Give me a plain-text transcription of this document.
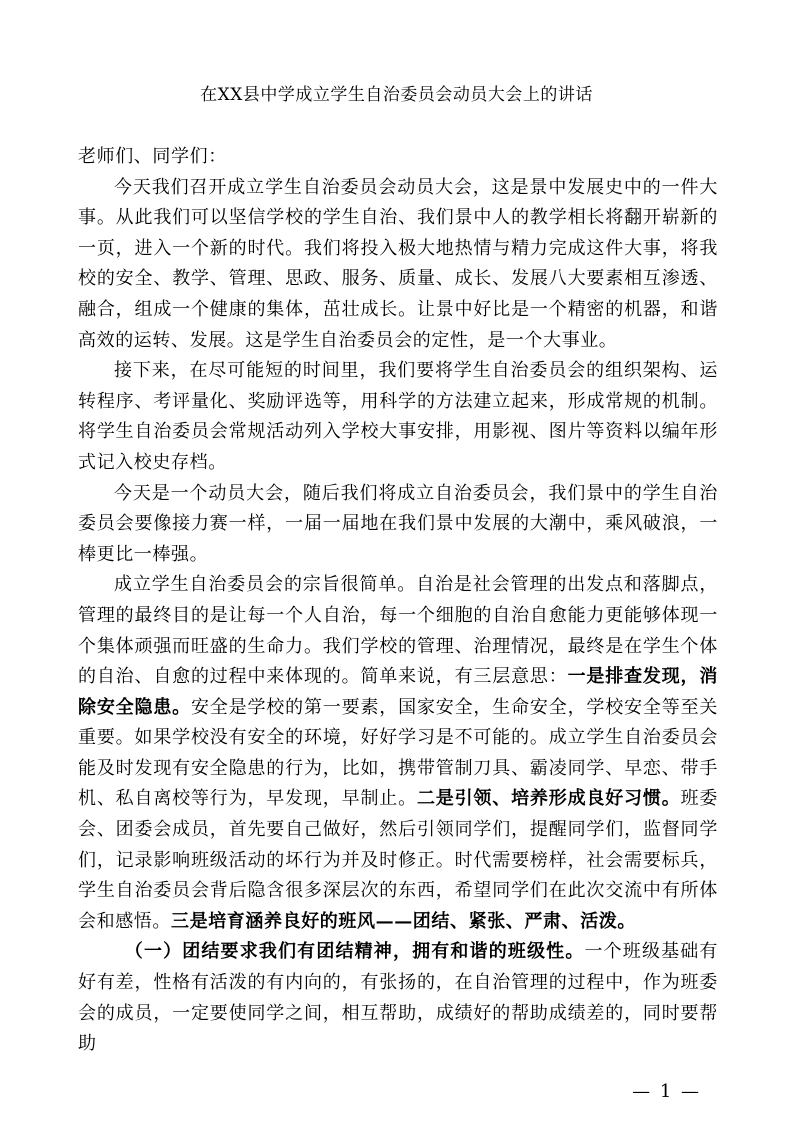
在XX县中学成立学生自治委员会动员大会上的讲话

老师们、同学们：

今天我们召开成立学生自治委员会动员大会，这是景中发展史中的一件大事。从此我们可以坚信学校的学生自治、我们景中人的教学相长将翻开崭新的一页，进入一个新的时代。我们将投入极大地热情与精力完成这件大事，将我校的安全、教学、管理、思政、服务、质量、成长、发展八大要素相互渗透、融合，组成一个健康的集体，茁壮成长。让景中好比是一个精密的机器，和谐高效的运转、发展。这是学生自治委员会的定性，是一个大事业。

接下来，在尽可能短的时间里，我们要将学生自治委员会的组织架构、运转程序、考评量化、奖励评选等，用科学的方法建立起来，形成常规的机制。将学生自治委员会常规活动列入学校大事安排，用影视、图片等资料以编年形式记入校史存档。

今天是一个动员大会，随后我们将成立自治委员会，我们景中的学生自治委员会要像接力赛一样，一届一届地在我们景中发展的大潮中，乘风破浪，一棒更比一棒强。

成立学生自治委员会的宗旨很简单。自治是社会管理的出发点和落脚点，管理的最终目的是让每一个人自治，每一个细胞的自治自愈能力更能够体现一个集体顽强而旺盛的生命力。我们学校的管理、治理情况，最终是在学生个体的自治、自愈的过程中来体现的。简单来说，有三层意思：一是排查发现，消除安全隐患。安全是学校的第一要素，国家安全，生命安全，学校安全等至关重要。如果学校没有安全的环境，好好学习是不可能的。成立学生自治委员会能及时发现有安全隐患的行为，比如，携带管制刀具、霸凌同学、早恋、带手机、私自离校等行为，早发现，早制止。二是引领、培养形成良好习惯。班委会、团委会成员，首先要自己做好，然后引领同学们，提醒同学们，监督同学们，记录影响班级活动的坏行为并及时修正。时代需要榜样，社会需要标兵，学生自治委员会背后隐含很多深层次的东西，希望同学们在此次交流中有所体会和感悟。三是培育涵养良好的班风——团结、紧张、严肃、活泼。

（一）团结要求我们有团结精神，拥有和谐的班级性。一个班级基础有好有差，性格有活泼的有内向的，有张扬的，在自治管理的过程中，作为班委会的成员，一定要使同学之间，相互帮助，成绩好的帮助成绩差的，同时要帮助

— 1 —
